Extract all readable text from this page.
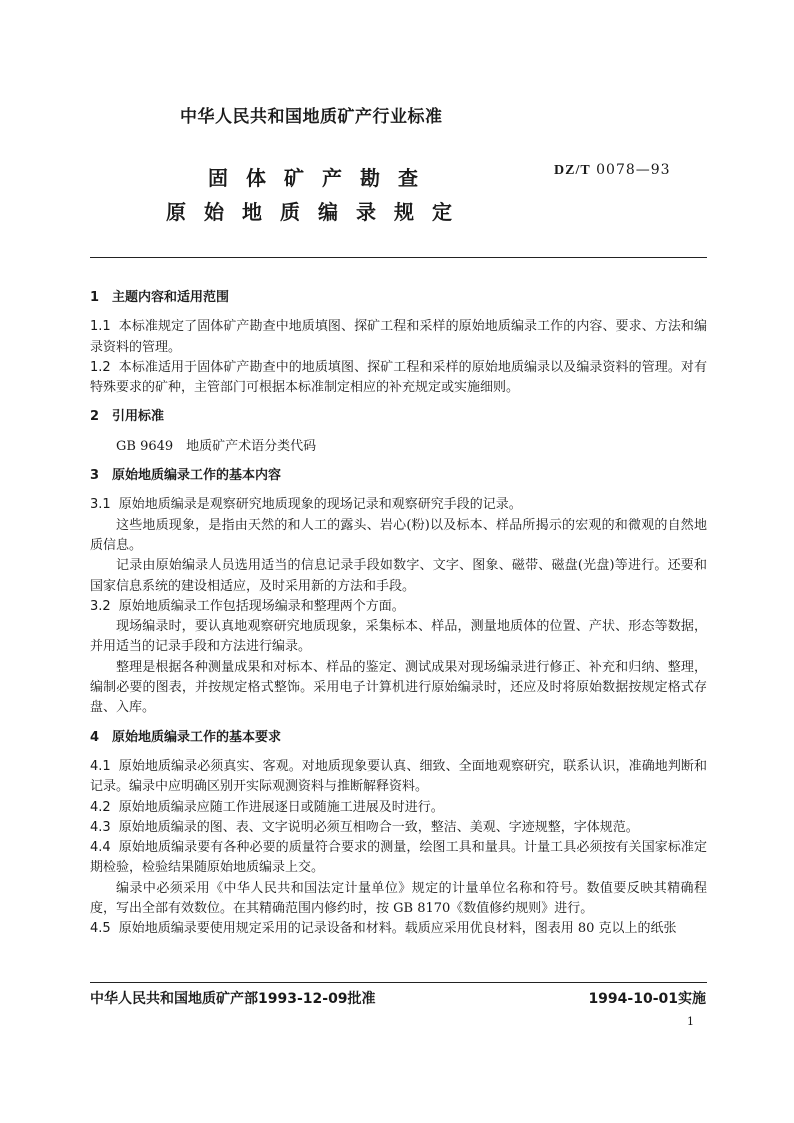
中华人民共和国地质矿产行业标准
固体矿产勘查
原始地质编录规定
DZ/T 0078—93
1　主题内容和适用范围

1.1 本标准规定了固体矿产勘查中地质填图、探矿工程和采样的原始地质编录工作的内容、要求、方法和编录资料的管理。

1.2 本标准适用于固体矿产勘查中的地质填图、探矿工程和采样的原始地质编录以及编录资料的管理。对有特殊要求的矿种，主管部门可根据本标准制定相应的补充规定或实施细则。

2　引用标准

GB 9649　地质矿产术语分类代码

3　原始地质编录工作的基本内容

3.1 原始地质编录是观察研究地质现象的现场记录和观察研究手段的记录。

这些地质现象，是指由天然的和人工的露头、岩心(粉)以及标本、样品所揭示的宏观的和微观的自然地质信息。

记录由原始编录人员选用适当的信息记录手段如数字、文字、图象、磁带、磁盘(光盘)等进行。还要和国家信息系统的建设相适应，及时采用新的方法和手段。

3.2 原始地质编录工作包括现场编录和整理两个方面。

现场编录时，要认真地观察研究地质现象，采集标本、样品，测量地质体的位置、产状、形态等数据，并用适当的记录手段和方法进行编录。

整理是根据各种测量成果和对标本、样品的鉴定、测试成果对现场编录进行修正、补充和归纳、整理，编制必要的图表，并按规定格式整饰。采用电子计算机进行原始编录时，还应及时将原始数据按规定格式存盘、入库。

4　原始地质编录工作的基本要求

4.1 原始地质编录必须真实、客观。对地质现象要认真、细致、全面地观察研究，联系认识，准确地判断和记录。编录中应明确区别开实际观测资料与推断解释资料。

4.2 原始地质编录应随工作进展逐日或随施工进展及时进行。

4.3 原始地质编录的图、表、文字说明必须互相吻合一致，整洁、美观、字迹规整，字体规范。

4.4 原始地质编录要有各种必要的质量符合要求的测量，绘图工具和量具。计量工具必须按有关国家标准定期检验，检验结果随原始地质编录上交。

编录中必须采用《中华人民共和国法定计量单位》规定的计量单位名称和符号。数值要反映其精确程度，写出全部有效数位。在其精确范围内修约时，按 GB 8170《数值修约规则》进行。

4.5 原始地质编录要使用规定采用的记录设备和材料。载质应采用优良材料，图表用 80 克以上的纸张

中华人民共和国地质矿产部1993-12-09批准	1994-10-01实施
1
